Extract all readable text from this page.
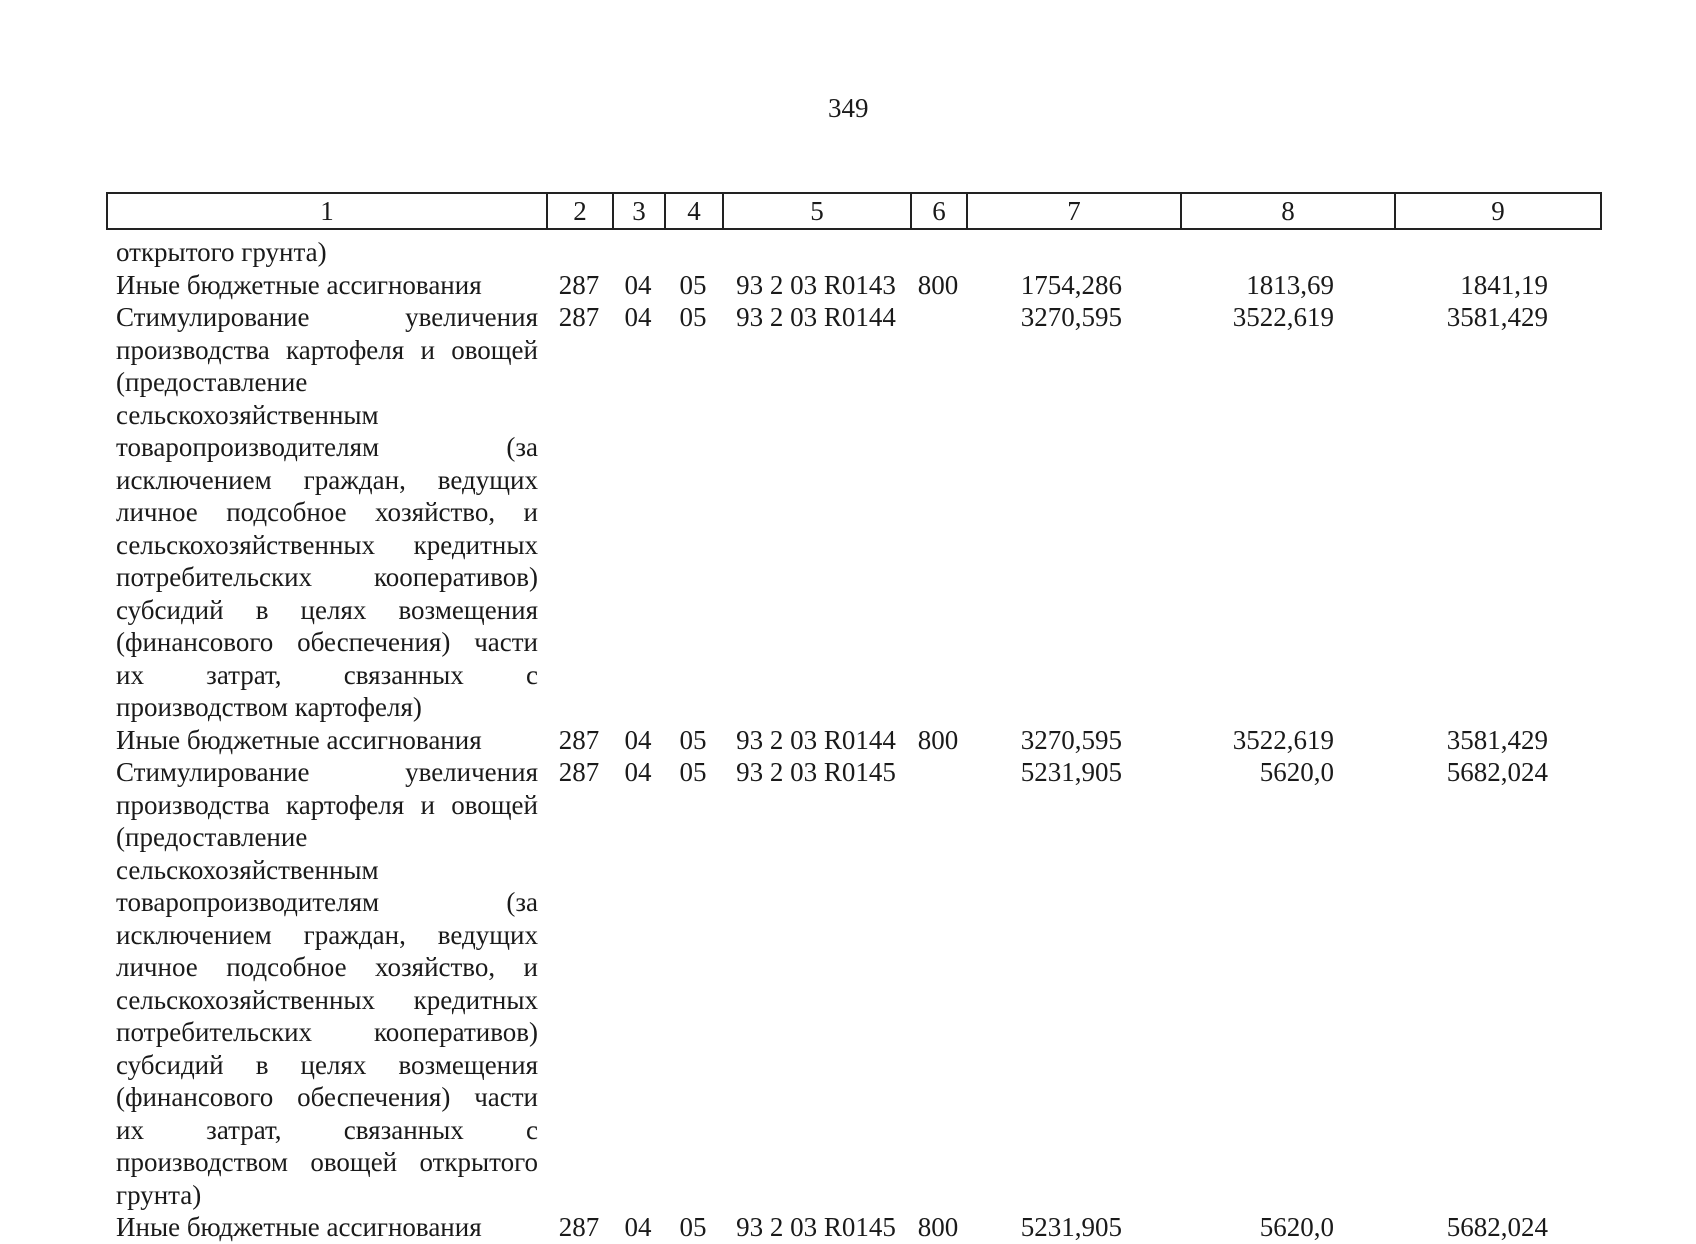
349
1	2	3	4	5	6	7	8	9
открытого грунта)								
Иные бюджетные ассигнования	287	04	05	93 2 03 R0143	800	1754,286	1813,69	1841,19
Стимулирование увеличения производства картофеля и овощей (предоставление сельскохозяйственным товаропроизводителям (за исключением граждан, ведущих личное подсобное хозяйство, и сельскохозяйственных кредитных потребительских кооперативов) субсидий в целях возмещения (финансового обеспечения) части их затрат, связанных с производством картофеля)	287	04	05	93 2 03 R0144		3270,595	3522,619	3581,429
Иные бюджетные ассигнования	287	04	05	93 2 03 R0144	800	3270,595	3522,619	3581,429
Стимулирование увеличения производства картофеля и овощей (предоставление сельскохозяйственным товаропроизводителям (за исключением граждан, ведущих личное подсобное хозяйство, и сельскохозяйственных кредитных потребительских кооперативов) субсидий в целях возмещения (финансового обеспечения) части их затрат, связанных с производством овощей открытого грунта)	287	04	05	93 2 03 R0145		5231,905	5620,0	5682,024
Иные бюджетные ассигнования	287	04	05	93 2 03 R0145	800	5231,905	5620,0	5682,024
